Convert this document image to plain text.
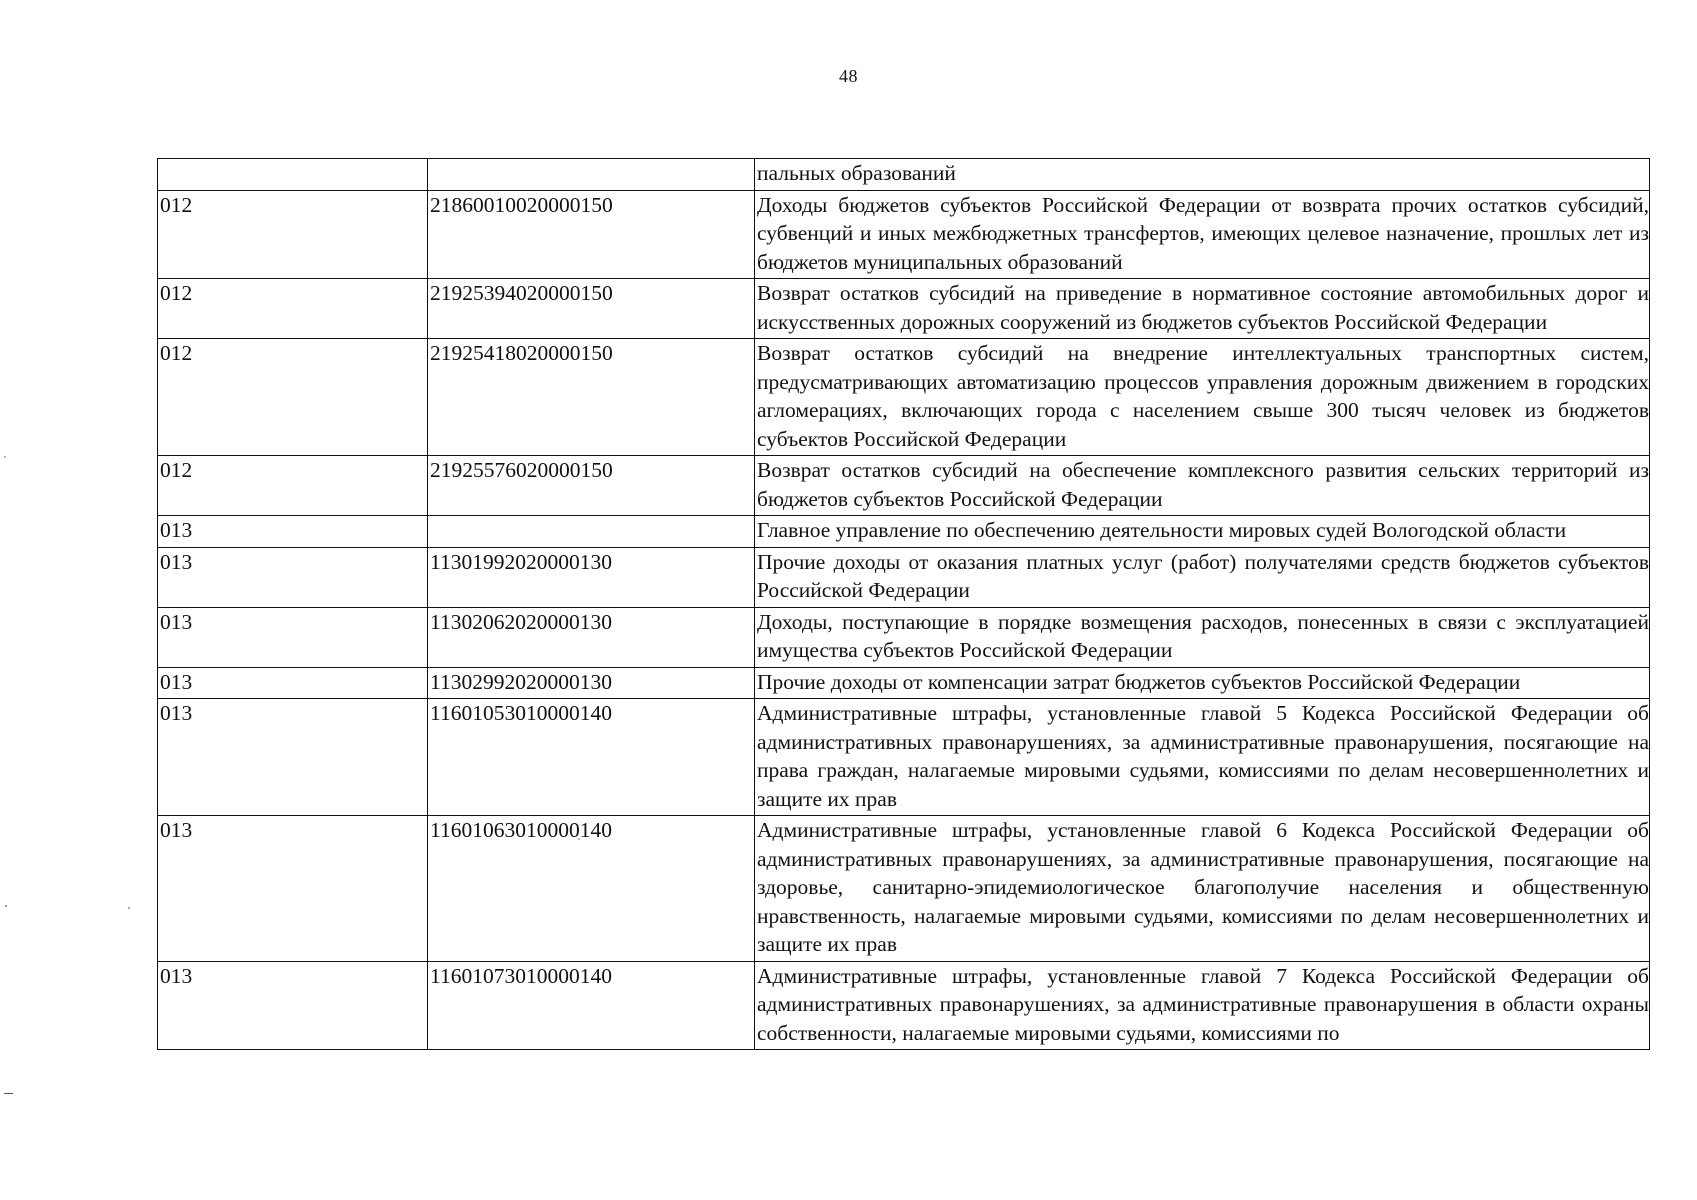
48
		пальных образований
012	21860010020000150	Доходы бюджетов субъектов Российской Федерации от возврата прочих остатков субсидий, субвенций и иных межбюджетных трансфертов, имеющих целевое назначение, прошлых лет из бюджетов муниципальных образований
012	21925394020000150	Возврат остатков субсидий на приведение в нормативное состояние автомобильных дорог и искусственных дорожных сооружений из бюджетов субъектов Российской Федерации
012	21925418020000150	Возврат остатков субсидий на внедрение интеллектуальных транспортных систем, предусматривающих автоматизацию процессов управления дорожным движением в городских агломерациях, включающих города с населением свыше 300 тысяч человек из бюджетов субъектов Российской Федерации
012	21925576020000150	Возврат остатков субсидий на обеспечение комплексного развития сельских территорий из бюджетов субъектов Российской Федерации
013		Главное управление по обеспечению деятельности мировых судей Вологодской области
013	11301992020000130	Прочие доходы от оказания платных услуг (работ) получателями средств бюджетов субъектов Российской Федерации
013	11302062020000130	Доходы, поступающие в порядке возмещения расходов, понесенных в связи с эксплуатацией имущества субъектов Российской Федерации
013	11302992020000130	Прочие доходы от компенсации затрат бюджетов субъектов Российской Федерации
013	11601053010000140	Административные штрафы, установленные главой 5 Кодекса Российской Федерации об административных правонарушениях, за административные правонарушения, посягающие на права граждан, налагаемые мировыми судьями, комиссиями по делам несовершеннолетних и защите их прав
013	11601063010000140	Административные штрафы, установленные главой 6 Кодекса Российской Федерации об административных правонарушениях, за административные правонарушения, посягающие на здоровье, санитарно-эпидемиологическое благополучие населения и общественную нравственность, налагаемые мировыми судьями, комиссиями по делам несовершеннолетних и защите их прав
013	11601073010000140	Административные штрафы, установленные главой 7 Кодекса Российской Федерации об административных правонарушениях, за административные правонарушения в области охраны собственности, налагаемые мировыми судьями, комиссиями по
